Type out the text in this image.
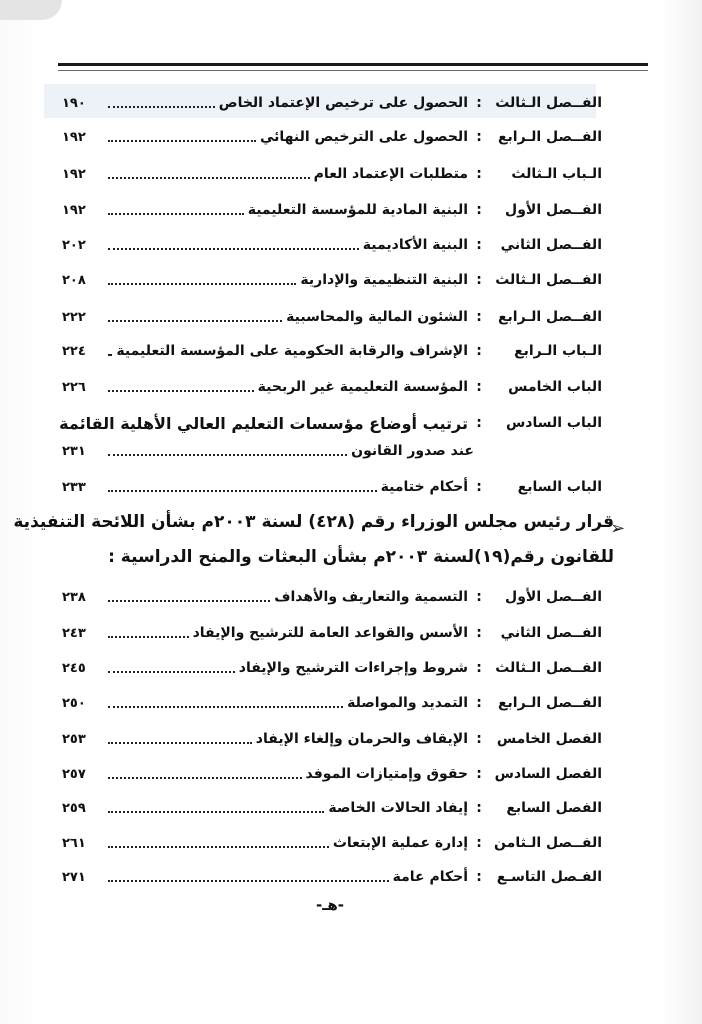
الفــصل الـثالث
:
الحصول على ترخيص الإعتماد الخاص
١٩٠
الفــصل الـرابع
:
الحصول على الترخيص النهائي
١٩٢
الـباب الـثالث
:
متطلبات الإعتماد العام
١٩٢
الفــصل الأول
:
البنية المادية للمؤسسة التعليمية
١٩٢
الفــصل الثاني
:
البنية الأكاديمية
٢٠٢
الفــصل الـثالث
:
البنية التنظيمية والإدارية
٢٠٨
الفــصل الـرابع
:
الشئون المالية والمحاسبية
٢٢٢
الـباب الـرابع
:
الإشراف والرقابة الحكومية على المؤسسة التعليمية
٢٢٤
الباب الخامس
:
المؤسسة التعليمية غير الربحية
٢٢٦
الباب السادس
:
ترتيب أوضاع مؤسسات التعليم العالي الأهلية القائمة
عند صدور القانون
٢٣١
الباب السابع
:
أحكام ختامية
٢٣٣
➢
قرار رئيس مجلس الوزراء رقم (٤٢٨) لسنة ٢٠٠٣م بشأن اللائحة التنفيذية
للقانون رقم(١٩)لسنة ٢٠٠٣م بشأن البعثات والمنح الدراسية :
الفــصل الأول
:
التسمية والتعاريف والأهداف
٢٣٨
الفــصل الثاني
:
الأسس والقواعد العامة للترشيح والإيفاد
٢٤٣
الفــصل الـثالث
:
شروط وإجراءات الترشيح والإيفاد
٢٤٥
الفــصل الـرابع
:
التمديد والمواصلة
٢٥٠
الفصل الخامس
:
الإيقاف والحرمان وإلغاء الإيفاد
٢٥٣
الفصل السادس
:
حقوق وإمتيازات الموفد
٢٥٧
الفصل السابع
:
إيفاد الحالات الخاصة
٢٥٩
الفــصل الـثامن
:
إدارة عملية الإبتعاث
٢٦١
الفـصل التاسـع
:
أحكام عامة
٢٧١
-هـ-
